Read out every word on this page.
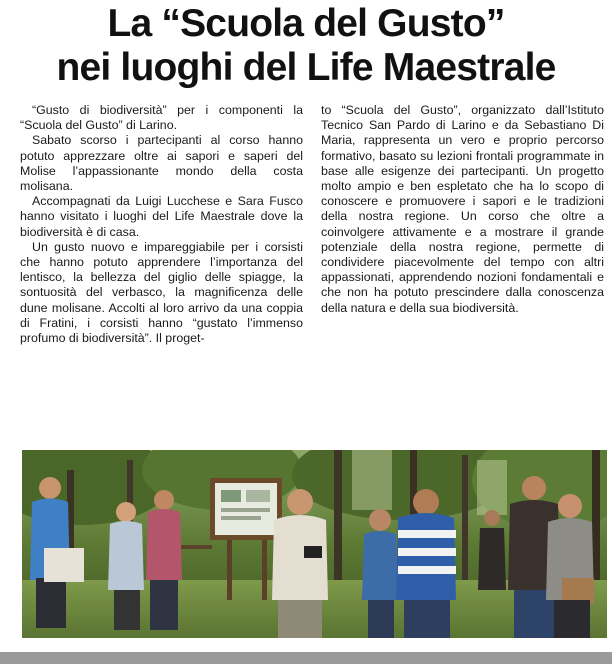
La “Scuola del Gusto”
nei luoghi del Life Maestrale

“Gusto di biodiversità” per i componenti la “Scuola del Gusto” di Larino.

Sabato scorso i partecipanti al corso hanno potuto apprezzare oltre ai sapori e saperi del Molise l’appassionante mondo della costa molisana.

Accompagnati da Luigi Lucchese e Sara Fusco hanno visitato i luoghi del Life Maestrale dove la biodiversità è di casa.

Un gusto nuovo e impareggiabile per i corsisti che hanno potuto apprendere l’importanza del lentisco, la bellezza del giglio delle spiagge, la sontuosità del verbasco, la magnificenza delle dune molisane. Accolti al loro arrivo da una coppia di Fratini, i corsisti hanno “gustato l’immenso profumo di biodiversità”. Il proget-

to “Scuola del Gusto”, organizzato dall’Istituto Tecnico San Pardo di Larino e da Sebastiano Di Maria, rappresenta un vero e proprio percorso formativo, basato su lezioni frontali programmate in base alle esigenze dei partecipanti. Un progetto molto ampio e ben espletato che ha lo scopo di conoscere e promuovere i sapori e le tradizioni della nostra regione. Un corso che oltre a coinvolgere attivamente e a mostrare il grande potenziale della nostra regione, permette di condividere piacevolmente del tempo con altri appassionati, apprendendo nozioni fondamentali e che non ha potuto prescindere dalla conoscenza della natura e della sua biodiversità.
